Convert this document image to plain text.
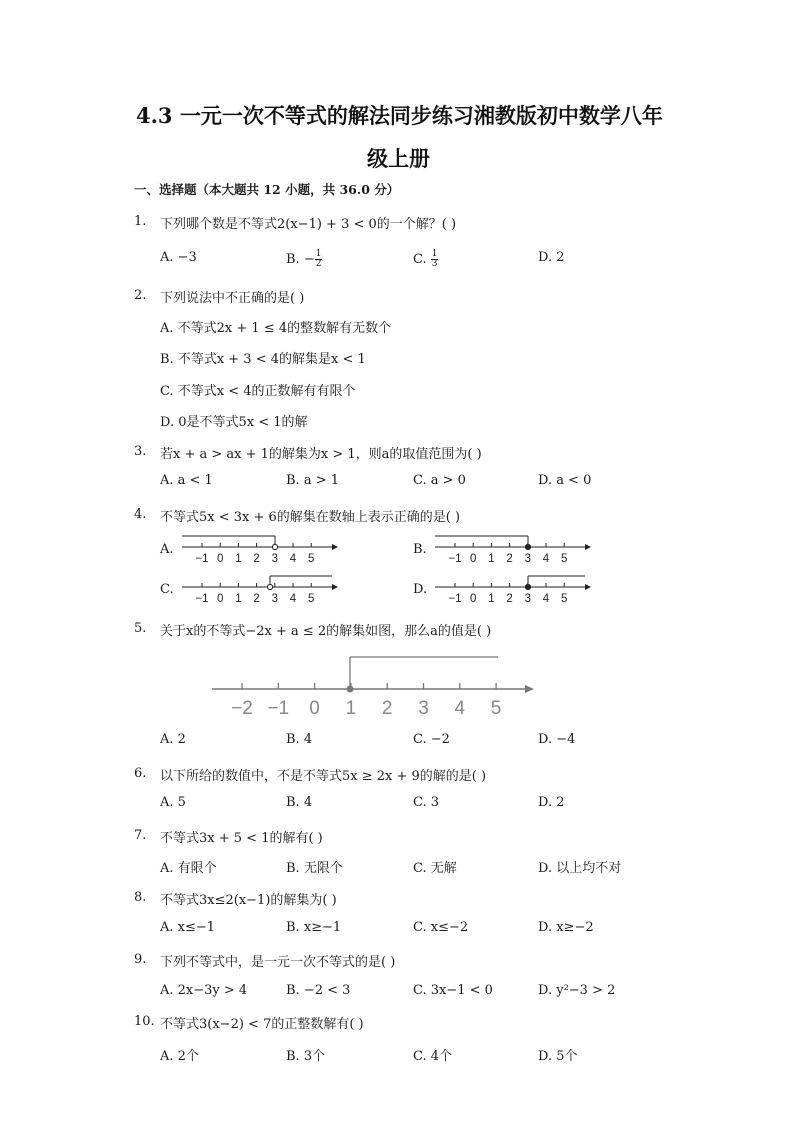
4.3 一元一次不等式的解法同步练习湘教版初中数学八年
级上册
一、选择题（本大题共 12 小题，共 36.0 分）
1. 下列哪个数是不等式2(x−1) + 3 < 0的一个解？( )
A. −3	B. − $\frac{1}{2}$	C. $\frac{1}{3}$	D. 2
2. 下列说法中不正确的是( )
A. 不等式2x + 1 ≤ 4的整数解有无数个
B. 不等式x + 3 < 4的解集是x < 1
C. 不等式x < 4的正数解有有限个
D. 0是不等式5x < 1的解
3. 若x + a > ax + 1的解集为x > 1，则a的取值范围为( )
A. a < 1	B. a > 1	C. a > 0	D. a < 0
4. 不等式5x < 3x + 6的解集在数轴上表示正确的是( )
A.
−1 0 1 2 3 4 5
B.
−1 0 1 2 3 4 5
C.
−1 0 1 2 3 4 5
D.
−1 0 1 2 3 4 5
5. 关于x的不等式−2x + a ≤ 2的解集如图，那么a的值是( )
−2 −1 0 1 2 3 4 5
A. 2	B. 4	C. −2	D. −4
6. 以下所给的数值中，不是不等式5x ≥ 2x + 9的解的是( )
A. 5	B. 4	C. 3	D. 2
7. 不等式3x + 5 < 1的解有( )
A. 有限个	B. 无限个	C. 无解	D. 以上均不对
8. 不等式3x≤2(x−1)的解集为( )
A. x≤−1	B. x≥−1	C. x≤−2	D. x≥−2
9. 下列不等式中，是一元一次不等式的是( )
A. 2x−3y > 4	B. −2 < 3	C. 3x−1 < 0	D. y²−3 > 2
10. 不等式3(x−2) < 7的正整数解有( )
A. 2个	B. 3个	C. 4个	D. 5个
